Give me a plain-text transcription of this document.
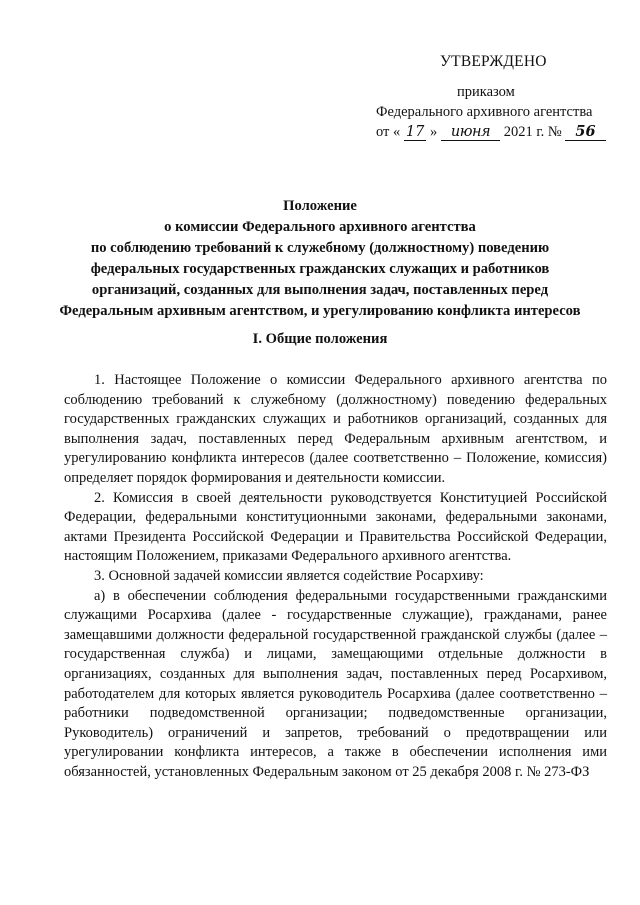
УТВЕРЖДЕНО
приказом
Федерального архивного агентства
от « 17 » июня 2021 г. № 56
Положение
о комиссии Федерального архивного агентства
по соблюдению требований к служебному (должностному) поведению
федеральных государственных гражданских служащих и работников
организаций, созданных для выполнения задач, поставленных перед
Федеральным архивным агентством, и урегулированию конфликта интересов
I. Общие положения

1. Настоящее Положение о комиссии Федерального архивного агентства по соблюдению требований к служебному (должностному) поведению федеральных государственных гражданских служащих и работников организаций, созданных для выполнения задач, поставленных перед Федеральным архивным агентством, и урегулированию конфликта интересов (далее соответственно – Положение, комиссия) определяет порядок формирования и деятельности комиссии.

2. Комиссия в своей деятельности руководствуется Конституцией Российской Федерации, федеральными конституционными законами, федеральными законами, актами Президента Российской Федерации и Правительства Российской Федерации, настоящим Положением, приказами Федерального архивного агентства.

3. Основной задачей комиссии является содействие Росархиву:

а) в обеспечении соблюдения федеральными государственными гражданскими служащими Росархива (далее - государственные служащие), гражданами, ранее замещавшими должности федеральной государственной гражданской службы (далее – государственная служба) и лицами, замещающими отдельные должности в организациях, созданных для выполнения задач, поставленных перед Росархивом, работодателем для которых является руководитель Росархива (далее соответственно – работники подведомственной организации; подведомственные организации, Руководитель) ограничений и запретов, требований о предотвращении или урегулировании конфликта интересов, а также в обеспечении исполнения ими обязанностей, установленных Федеральным законом от 25 декабря 2008 г. № 273-ФЗ
